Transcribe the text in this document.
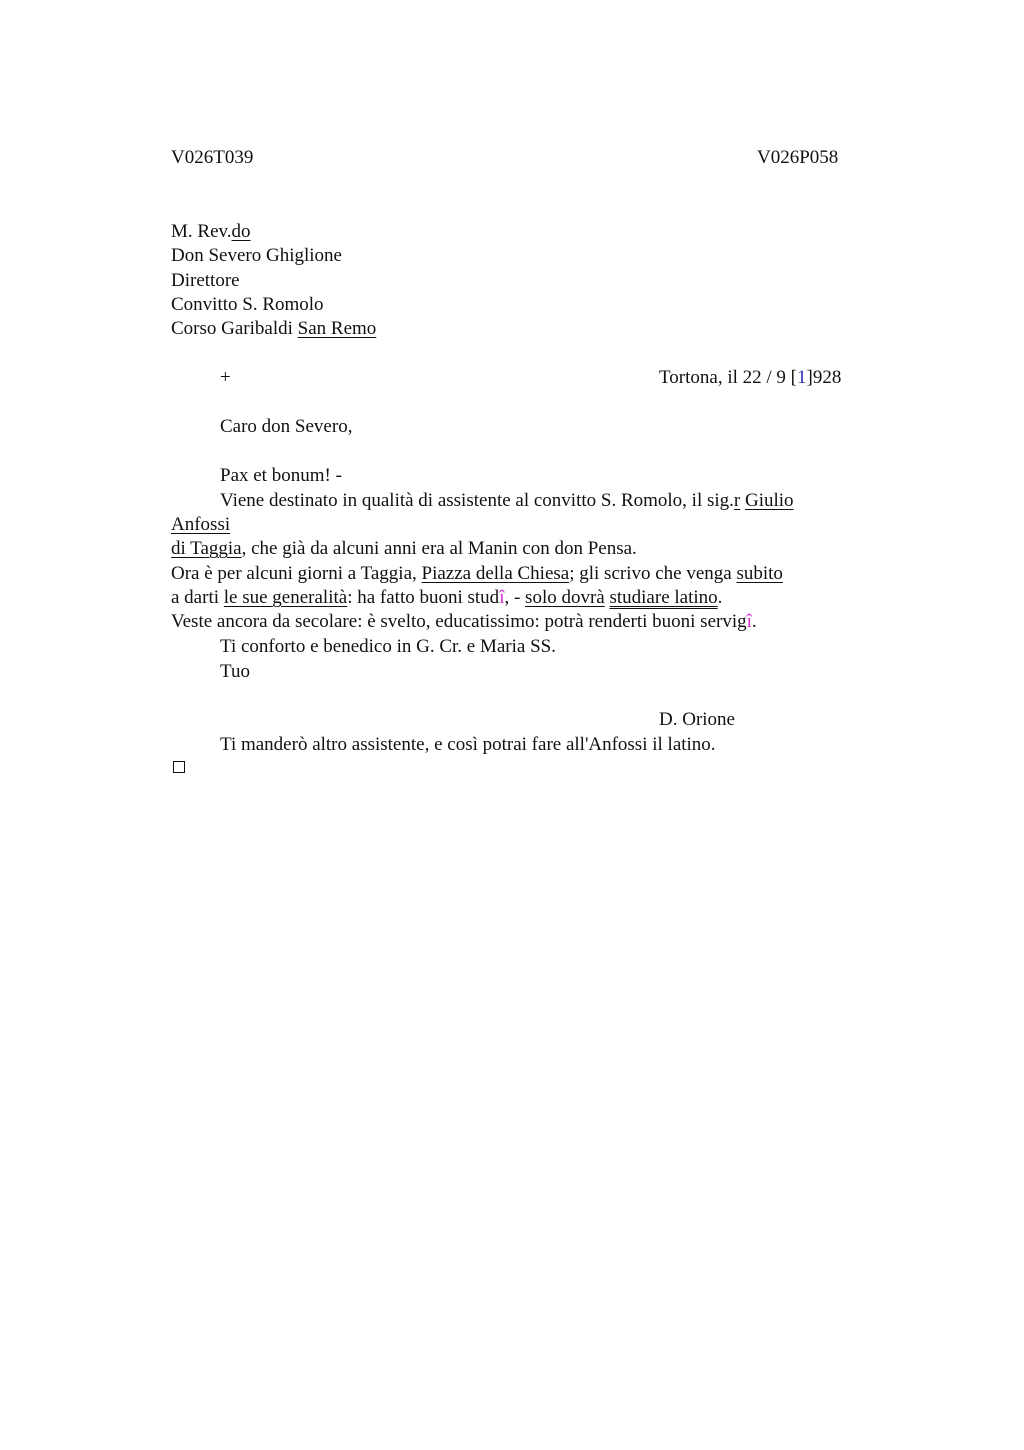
V026T039	V026P058
M. Rev.do
Don Severo Ghiglione
Direttore
Convitto S. Romolo
Corso Garibaldi San Remo
+	Tortona, il 22 / 9 [1]928
Caro don Severo,
Pax et bonum! -
Viene destinato in qualità di assistente al convitto S. Romolo, il sig.r Giulio
Anfossi
di Taggia, che già da alcuni anni era al Manin con don Pensa.
Ora è per alcuni giorni a Taggia, Piazza della Chiesa; gli scrivo che venga subito
a darti le sue generalità: ha fatto buoni studî, - solo dovrà studiare latino.
Veste ancora da secolare: è svelto, educatissimo: potrà renderti buoni servigî.
Ti conforto e benedico in G. Cr. e Maria SS.
Tuo
D. Orione
Ti manderò altro assistente, e così potrai fare all'Anfossi il latino.
